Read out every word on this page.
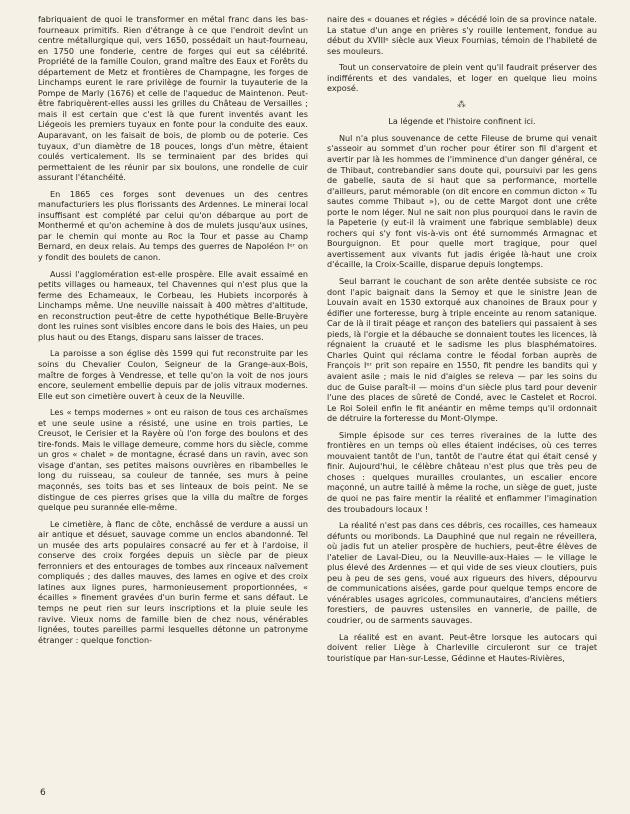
fabriquaient de quoi le transformer en métal franc dans les bas-fourneaux primitifs. Rien d'étrange à ce que l'endroit devînt un centre métallurgique qui, vers 1650, possédait un haut-fourneau, en 1750 une fonderie, centre de forges qui eut sa célébrité. Propriété de la famille Coulon, grand maître des Eaux et Forêts du département de Metz et frontières de Champagne, les forges de Linchamps eurent le rare privilège de fournir la tuyauterie de la Pompe de Marly (1676) et celle de l'aqueduc de Maintenon. Peut-être fabriquèrent-elles aussi les grilles du Château de Versailles ; mais il est certain que c'est là que furent inventés avant les Liégeois les premiers tuyaux en fonte pour la conduite des eaux. Auparavant, on les faisait de bois, de plomb ou de poterie. Ces tuyaux, d'un diamètre de 18 pouces, longs d'un mètre, étaient coulés verticalement. Ils se terminaient par des brides qui permettaient de les réunir par six boulons, une rondelle de cuir assurant l'étanchéité.

En 1865 ces forges sont devenues un des centres manufacturiers les plus florissants des Ardennes. Le minerai local insuffisant est complété par celui qu'on débarque au port de Monthermé et qu'on achemine à dos de mulets jusqu'aux usines, par le chemin qui monte au Roc la Tour et passe au Champ Bernard, en deux relais. Au temps des guerres de Napoléon Iᵉʳ on y fondit des boulets de canon.

Aussi l'agglomération est-elle prospère. Elle avait essaimé en petits villages ou hameaux, tel Chavennes qui n'est plus que la ferme des Echameaux, le Corbeau, les Hubiets incorporés à Linchamps même. Une neuville naissait à 400 mètres d'altitude, en reconstruction peut-être de cette hypothétique Belle-Bruyère dont les ruines sont visibles encore dans le bois des Haies, un peu plus haut ou des Etangs, disparu sans laisser de traces.

La paroisse a son église dès 1599 qui fut reconstruite par les soins du Chevalier Coulon, Seigneur de la Grange-aux-Bois, maître de forges à Vendresse, et telle qu'on la voit de nos jours encore, seulement embellie depuis par de jolis vitraux modernes. Elle eut son cimetière ouvert à ceux de la Neuville.

Les « temps modernes » ont eu raison de tous ces archaïsmes et une seule usine a résisté, une usine en trois parties, Le Creusot, le Cerisier et la Rayère où l'on forge des boulons et des tire-fonds. Mais le village demeure, comme hors du siècle, comme un gros « chalet » de montagne, écrasé dans un ravin, avec son visage d'antan, ses petites maisons ouvrières en ribambelles le long du ruisseau, sa couleur de tannée, ses murs à peine maçonnés, ses toits bas et ses linteaux de bois peint. Ne se distingue de ces pierres grises que la villa du maître de forges quelque peu surannée elle-même.

Le cimetière, à flanc de côte, enchâssé de verdure a aussi un air antique et désuet, sauvage comme un enclos abandonné. Tel un musée des arts populaires consacré au fer et à l'ardoise, il conserve des croix forgées depuis un siècle par de pieux ferronniers et des entourages de tombes aux rinceaux naïvement compliqués ; des dalles mauves, des lames en ogive et des croix latines aux lignes pures, harmonieusement proportionnées, « écailles » finement gravées d'un burin ferme et sans défaut. Le temps ne peut rien sur leurs inscriptions et la pluie seule les ravive. Vieux noms de famille bien de chez nous, vénérables lignées, toutes pareilles parmi lesquelles détonne un patronyme étranger : quelque fonction-

naire des « douanes et régies » décédé loin de sa province natale. La statue d'un ange en prières s'y rouille lentement, fondue au début du XVIIIᵉ siècle aux Vieux Fournias, témoin de l'habileté de ses mouleurs.

Tout un conservatoire de plein vent qu'il faudrait préserver des indifférents et des vandales, et loger en quelque lieu moins exposé.

⁂

La légende et l'histoire confinent ici.

Nul n'a plus souvenance de cette Fileuse de brume qui venait s'asseoir au sommet d'un rocher pour étirer son fil d'argent et avertir par là les hommes de l'imminence d'un danger général, ce de Thibaut, contrebandier sans doute qui, poursuivi par les gens de gabelle, sauta de si haut que sa performance, mortelle d'ailleurs, parut mémorable (on dit encore en commun dicton « Tu sautes comme Thibaut »), ou de cette Margot dont une crête porte le nom léger. Nul ne sait non plus pourquoi dans le ravin de la Papeterie (y eut-il là vraiment une fabrique semblable) deux rochers qui s'y font vis-à-vis ont été surnommés Armagnac et Bourguignon. Et pour quelle mort tragique, pour quel avertissement aux vivants fut jadis érigée là-haut une croix d'écaille, la Croix-Scaille, disparue depuis longtemps.

Seul barrant le couchant de son arête dentée subsiste ce roc dont l'apic baignait dans la Semoy et que le sinistre Jean de Louvain avait en 1530 extorqué aux chanoines de Braux pour y édifier une forteresse, burg à triple enceinte au renom satanique. Car de là il tirait péage et rançon des bateliers qui passaient à ses pieds, là l'orgie et la débauche se donnaient toutes les licences, là régnaient la cruauté et le sadisme les plus blasphématoires. Charles Quint qui réclama contre le féodal forban auprès de François Iᵉʳ prit son repaire en 1550, fit pendre les bandits qui y avaient asile ; mais le nid d'aigles se releva — par les soins du duc de Guise paraît-il — moins d'un siècle plus tard pour devenir l'une des places de sûreté de Condé, avec le Castelet et Rocroi. Le Roi Soleil enfin le fit anéantir en même temps qu'il ordonnait de détruire la forteresse du Mont-Olympe.

Simple épisode sur ces terres riveraines de la lutte des frontières en un temps où elles étaient indécises, où ces terres mouvaient tantôt de l'un, tantôt de l'autre état qui était censé y finir. Aujourd'hui, le célèbre château n'est plus que très peu de choses : quelques murailles croulantes, un escalier encore maçonné, un autre taillé à même la roche, un siège de guet, juste de quoi ne pas faire mentir la réalité et enflammer l'imagination des troubadours locaux !

La réalité n'est pas dans ces débris, ces rocailles, ces hameaux défunts ou moribonds. La Dauphiné que nul regain ne réveillera, où jadis fut un atelier prospère de huchiers, peut-être élèves de l'atelier de Laval-Dieu, ou la Neuville-aux-Haies — le village le plus élevé des Ardennes — et qui vide de ses vieux cloutiers, puis peu à peu de ses gens, voué aux rigueurs des hivers, dépourvu de communications aisées, garde pour quelque temps encore de vénérables usages agricoles, communautaires, d'anciens métiers forestiers, de pauvres ustensiles en vannerie, de paille, de coudrier, ou de sarments sauvages.

La réalité est en avant. Peut-être lorsque les autocars qui doivent relier Liège à Charleville circuleront sur ce trajet touristique par Han-sur-Lesse, Gédinne et Hautes-Rivières,

6
